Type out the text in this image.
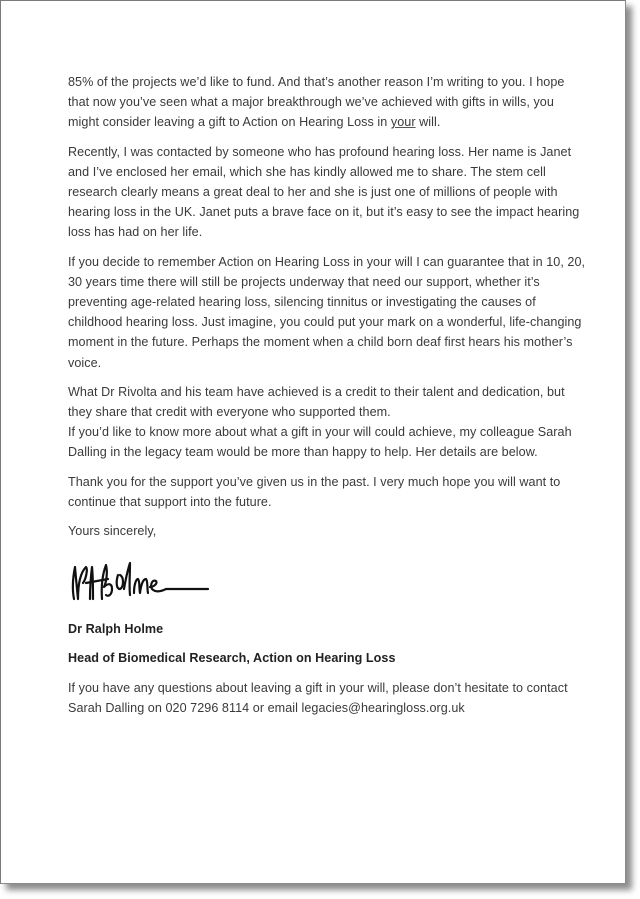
85% of the projects we’d like to fund. And that’s another reason I’m writing to you. I hope that now you’ve seen what a major breakthrough we’ve achieved with gifts in wills, you might consider leaving a gift to Action on Hearing Loss in your will.

Recently, I was contacted by someone who has profound hearing loss. Her name is Janet and I’ve enclosed her email, which she has kindly allowed me to share. The stem cell research clearly means a great deal to her and she is just one of millions of people with hearing loss in the UK. Janet puts a brave face on it, but it’s easy to see the impact hearing loss has had on her life.

If you decide to remember Action on Hearing Loss in your will I can guarantee that in 10, 20, 30 years time there will still be projects underway that need our support, whether it’s preventing age-related hearing loss, silencing tinnitus or investigating the causes of childhood hearing loss. Just imagine, you could put your mark on a wonderful, life-changing moment in the future. Perhaps the moment when a child born deaf first hears his mother’s voice.

What Dr Rivolta and his team have achieved is a credit to their talent and dedication, but they share that credit with everyone who supported them.
If you’d like to know more about what a gift in your will could achieve, my colleague Sarah Dalling in the legacy team would be more than happy to help. Her details are below.

Thank you for the support you’ve given us in the past. I very much hope you will want to continue that support into the future.

Yours sincerely,

Dr Ralph Holme

Head of Biomedical Research, Action on Hearing Loss

If you have any questions about leaving a gift in your will, please don’t hesitate to contact Sarah Dalling on 020 7296 8114 or email legacies@hearingloss.org.uk
